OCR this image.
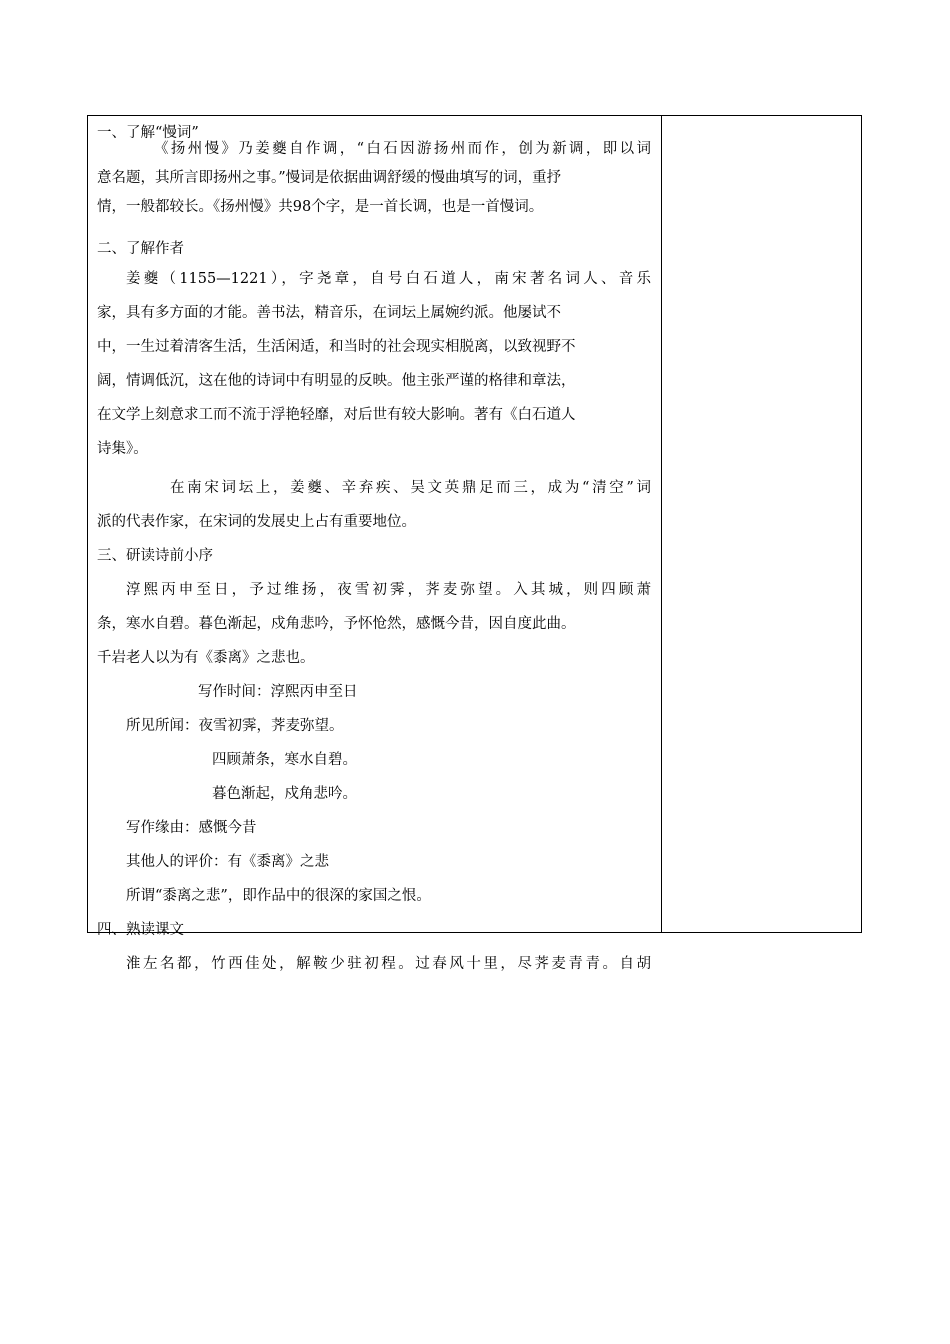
一、了解“慢词”
《扬州慢》乃姜夔自作调，“白石因游扬州而作，创为新调，即以词
意名题，其所言即扬州之事。”慢词是依据曲调舒缓的慢曲填写的词，重抒
情，一般都较长。《扬州慢》共98个字，是一首长调，也是一首慢词。
二、了解作者
姜夔（1155—1221），字尧章，自号白石道人，南宋著名词人、音乐
家，具有多方面的才能。善书法，精音乐，在词坛上属婉约派。他屡试不
中，一生过着清客生活，生活闲适，和当时的社会现实相脱离，以致视野不
阔，情调低沉，这在他的诗词中有明显的反映。他主张严谨的格律和章法，
在文学上刻意求工而不流于浮艳轻靡，对后世有较大影响。著有《白石道人
诗集》。
在南宋词坛上，姜夔、辛弃疾、吴文英鼎足而三，成为“清空”词
派的代表作家，在宋词的发展史上占有重要地位。
三、研读诗前小序
淳熙丙申至日，予过维扬，夜雪初霁，荠麦弥望。入其城，则四顾萧
条，寒水自碧。暮色渐起，戍角悲吟，予怀怆然，感慨今昔，因自度此曲。
千岩老人以为有《黍离》之悲也。
写作时间：淳熙丙申至日
所见所闻：夜雪初霁，荠麦弥望。
四顾萧条，寒水自碧。
暮色渐起，戍角悲吟。
写作缘由：感慨今昔
其他人的评价：有《黍离》之悲
所谓“黍离之悲”，即作品中的很深的家国之恨。
四、熟读课文
淮左名都，竹西佳处，解鞍少驻初程。过春风十里，尽荠麦青青。自胡
